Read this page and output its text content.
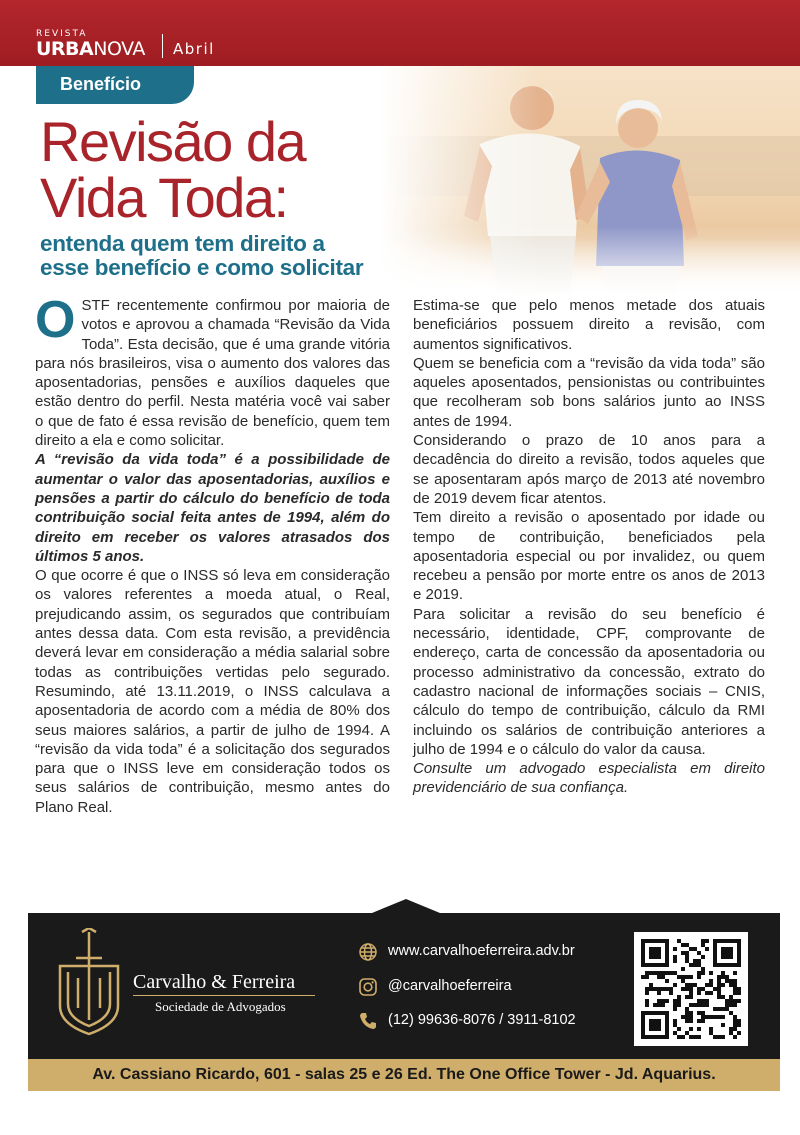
REVISTA
URBANOVA Abril
Benefício
Revisão da
Vida Toda:
entenda quem tem direito a
esse benefício e como solicitar

OSTF recentemente confirmou por maioria de votos e aprovou a chamada “Revisão da Vida Toda”. Esta decisão, que é uma grande vitória para nós brasileiros, visa o aumento dos valores das aposentadorias, pensões e auxílios daqueles que estão dentro do perfil. Nesta matéria você vai saber o que de fato é essa revisão de benefício, quem tem direito a ela e como solicitar.

A “revisão da vida toda” é a possibilidade de aumentar o valor das aposentadorias, auxílios e pensões a partir do cálculo do benefício de toda contribuição social feita antes de 1994, além do direito em receber os valores atrasados dos últimos 5 anos.

O que ocorre é que o INSS só leva em consideração os valores referentes a moeda atual, o Real, prejudicando assim, os segurados que contribuíam antes dessa data. Com esta revisão, a previdência deverá levar em consideração a média salarial sobre todas as contribuições vertidas pelo segurado. Resumindo, até 13.11.2019, o INSS calculava a aposentadoria de acordo com a média de 80% dos seus maiores salários, a partir de julho de 1994. A “revisão da vida toda” é a solicitação dos segurados para que o INSS leve em consideração todos os seus salários de contribuição, mesmo antes do Plano Real.

Estima-se que pelo menos metade dos atuais beneficiários possuem direito a revisão, com aumentos significativos.

Quem se beneficia com a “revisão da vida toda” são aqueles aposentados, pensionistas ou contribuintes que recolheram sob bons salários junto ao INSS antes de 1994.

Considerando o prazo de 10 anos para a decadência do direito a revisão, todos aqueles que se aposentaram após março de 2013 até novembro de 2019 devem ficar atentos.

Tem direito a revisão o aposentado por idade ou tempo de contribuição, beneficiados pela aposentadoria especial ou por invalidez, ou quem recebeu a pensão por morte entre os anos de 2013 e 2019.

Para solicitar a revisão do seu benefício é necessário, identidade, CPF, comprovante de endereço, carta de concessão da aposentadoria ou processo administrativo da concessão, extrato do cadastro nacional de informações sociais – CNIS, cálculo do tempo de contribuição, cálculo da RMI incluindo os salários de contribuição anteriores a julho de 1994 e o cálculo do valor da causa.

Consulte um advogado especialista em direito previdenciário de sua confiança.

Carvalho & Ferreira
Sociedade de Advogados
www.carvalhoeferreira.adv.br
@carvalhoeferreira
(12) 99636-8076 / 3911-8102
Av. Cassiano Ricardo, 601 - salas 25 e 26 Ed. The One Office Tower - Jd. Aquarius.
